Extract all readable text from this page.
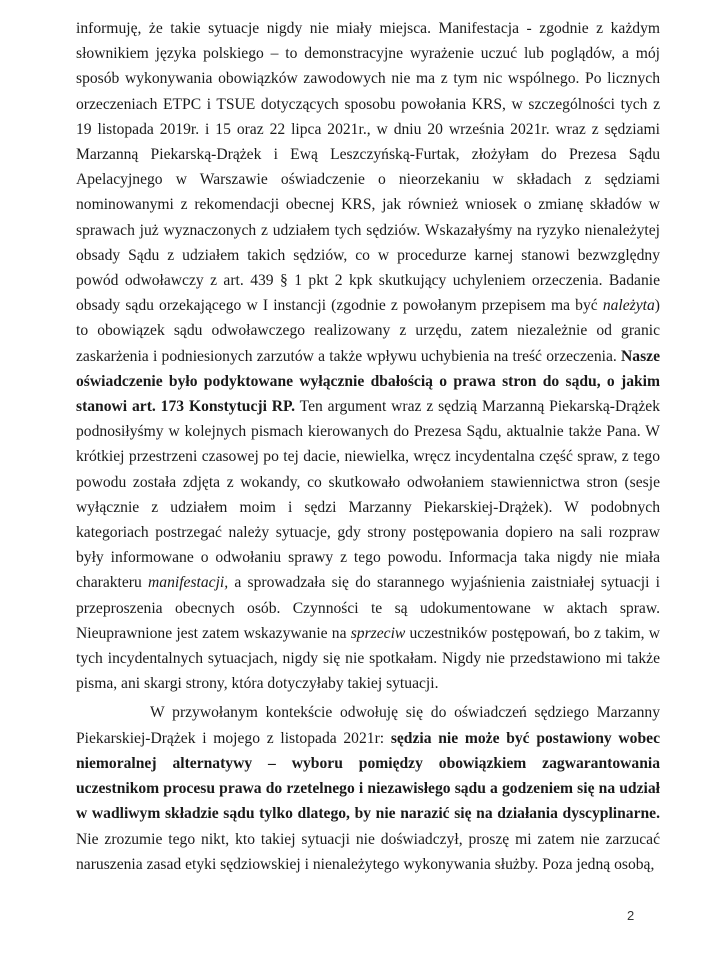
informuję, że takie sytuacje nigdy nie miały miejsca. Manifestacja - zgodnie z każdym słownikiem języka polskiego – to demonstracyjne wyrażenie uczuć lub poglądów, a mój sposób wykonywania obowiązków zawodowych nie ma z tym nic wspólnego. Po licznych orzeczeniach ETPC i TSUE dotyczących sposobu powołania KRS, w szczególności tych z 19 listopada 2019r. i 15 oraz 22 lipca 2021r., w dniu 20 września 2021r. wraz z sędziami Marzanną Piekarską-Drążek i Ewą Leszczyńską-Furtak, złożyłam do Prezesa Sądu Apelacyjnego w Warszawie oświadczenie o nieorzekaniu w składach z sędziami nominowanymi z rekomendacji obecnej KRS, jak również wniosek o zmianę składów w sprawach już wyznaczonych z udziałem tych sędziów. Wskazałyśmy na ryzyko nienależytej obsady Sądu z udziałem takich sędziów, co w procedurze karnej stanowi bezwzględny powód odwoławczy z art. 439 § 1 pkt 2 kpk skutkujący uchyleniem orzeczenia. Badanie obsady sądu orzekającego w I instancji (zgodnie z powołanym przepisem ma być należyta) to obowiązek sądu odwoławczego realizowany z urzędu, zatem niezależnie od granic zaskarżenia i podniesionych zarzutów a także wpływu uchybienia na treść orzeczenia. Nasze oświadczenie było podyktowane wyłącznie dbałością o prawa stron do sądu, o jakim stanowi art. 173 Konstytucji RP. Ten argument wraz z sędzią Marzanną Piekarską-Drążek podnosiłyśmy w kolejnych pismach kierowanych do Prezesa Sądu, aktualnie także Pana. W krótkiej przestrzeni czasowej po tej dacie, niewielka, wręcz incydentalna część spraw, z tego powodu została zdjęta z wokandy, co skutkowało odwołaniem stawiennictwa stron (sesje wyłącznie z udziałem moim i sędzi Marzanny Piekarskiej-Drążek). W podobnych kategoriach postrzegać należy sytuacje, gdy strony postępowania dopiero na sali rozpraw były informowane o odwołaniu sprawy z tego powodu. Informacja taka nigdy nie miała charakteru manifestacji, a sprowadzała się do starannego wyjaśnienia zaistniałej sytuacji i przeproszenia obecnych osób. Czynności te są udokumentowane w aktach spraw. Nieuprawnione jest zatem wskazywanie na sprzeciw uczestników postępowań, bo z takim, w tych incydentalnych sytuacjach, nigdy się nie spotkałam. Nigdy nie przedstawiono mi także pisma, ani skargi strony, która dotyczyłaby takiej sytuacji.

W przywołanym kontekście odwołuję się do oświadczeń sędziego Marzanny Piekarskiej-Drążek i mojego z listopada 2021r: sędzia nie może być postawiony wobec niemoralnej alternatywy – wyboru pomiędzy obowiązkiem zagwarantowania uczestnikom procesu prawa do rzetelnego i niezawisłego sądu a godzeniem się na udział w wadliwym składzie sądu tylko dlatego, by nie narazić się na działania dyscyplinarne. Nie zrozumie tego nikt, kto takiej sytuacji nie doświadczył, proszę mi zatem nie zarzucać naruszenia zasad etyki sędziowskiej i nienależytego wykonywania służby. Poza jedną osobą,

2
